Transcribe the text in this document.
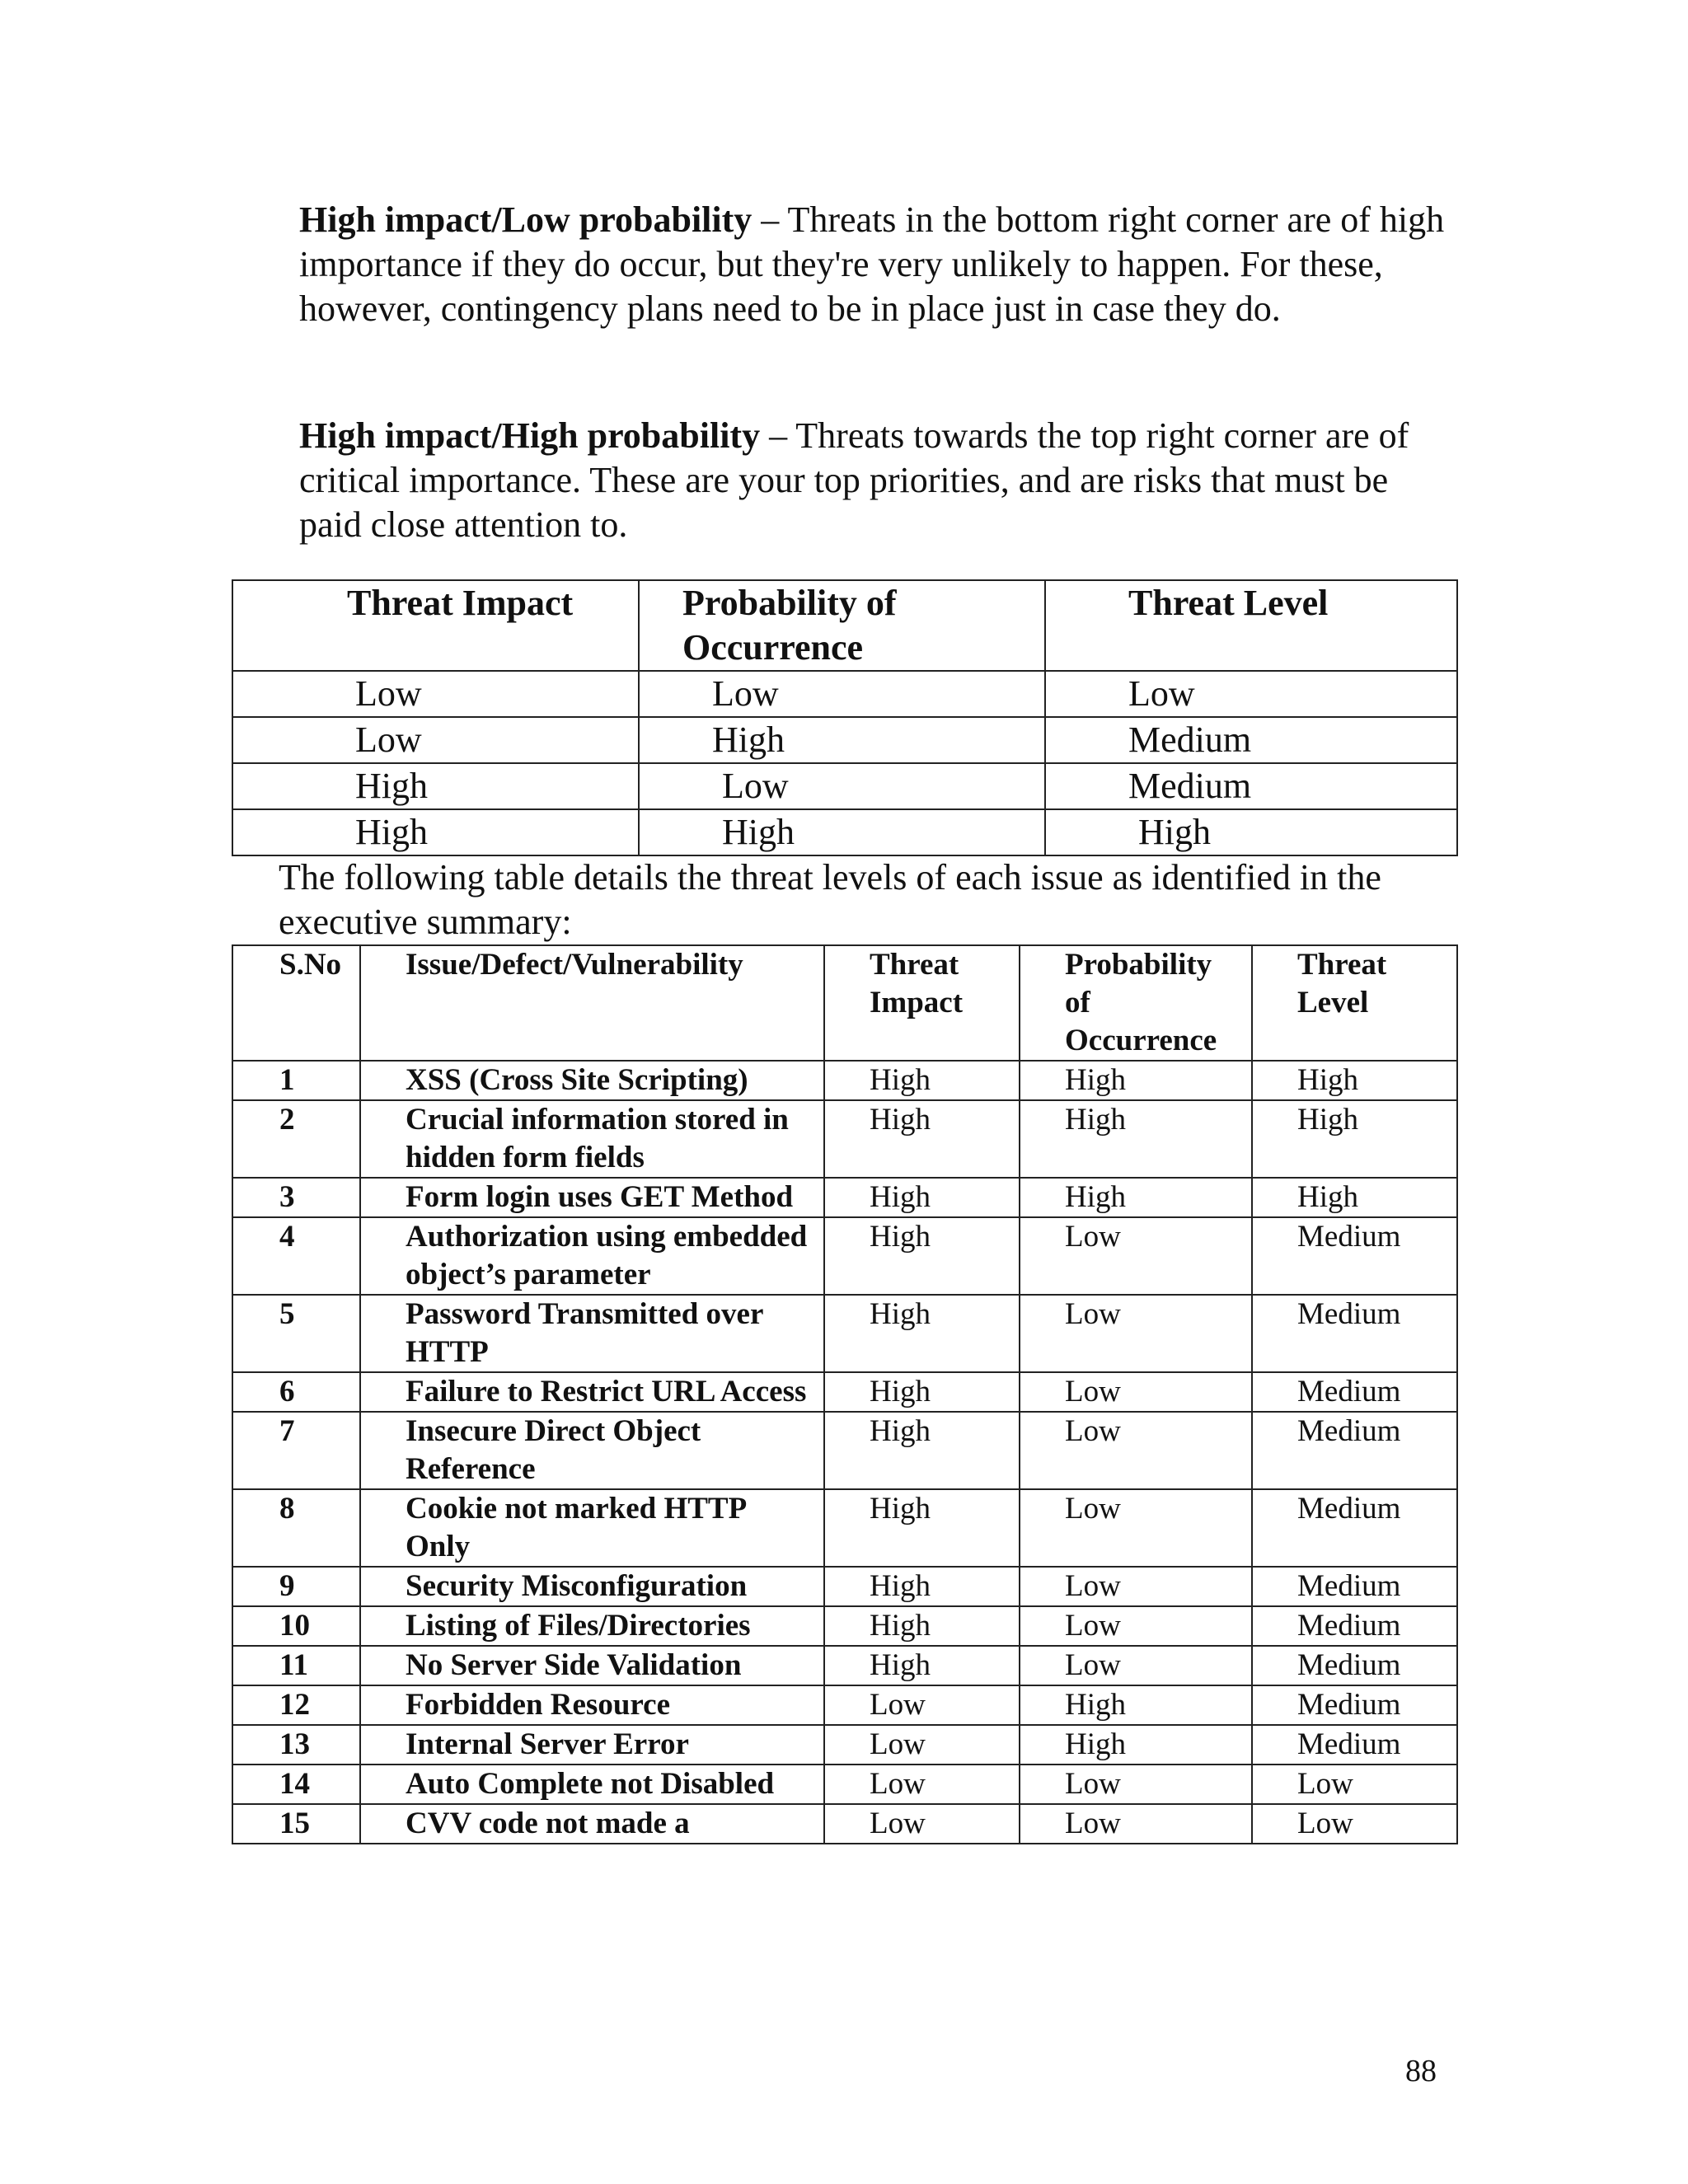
High impact/Low probability – Threats in the bottom right corner are of high importance if they do occur, but they're very unlikely to happen. For these, however, contingency plans need to be in place just in case they do.

High impact/High probability – Threats towards the top right corner are of critical importance. These are your top priorities, and are risks that must be paid close attention to.

Threat Impact	Probability of Occurrence	Threat Level
Low	Low	Low
Low	High	Medium
High	Low	Medium
High	High	High

The following table details the threat levels of each issue as identified in the executive summary:

S.No	Issue/Defect/Vulnerability	Threat Impact	Probability of Occurrence	Threat Level
1	XSS (Cross Site Scripting)	High	High	High
2	Crucial information stored in hidden form fields	High	High	High
3	Form login uses GET Method	High	High	High
4	Authorization using embedded object’s parameter	High	Low	Medium
5	Password Transmitted over HTTP	High	Low	Medium
6	Failure to Restrict URL Access	High	Low	Medium
7	Insecure Direct Object Reference	High	Low	Medium
8	Cookie not marked HTTP Only	High	Low	Medium
9	Security Misconfiguration	High	Low	Medium
10	Listing of Files/Directories	High	Low	Medium
11	No Server Side Validation	High	Low	Medium
12	Forbidden Resource	Low	High	Medium
13	Internal Server Error	Low	High	Medium
14	Auto Complete not Disabled	Low	Low	Low
15	CVV code not made a	Low	Low	Low
88
